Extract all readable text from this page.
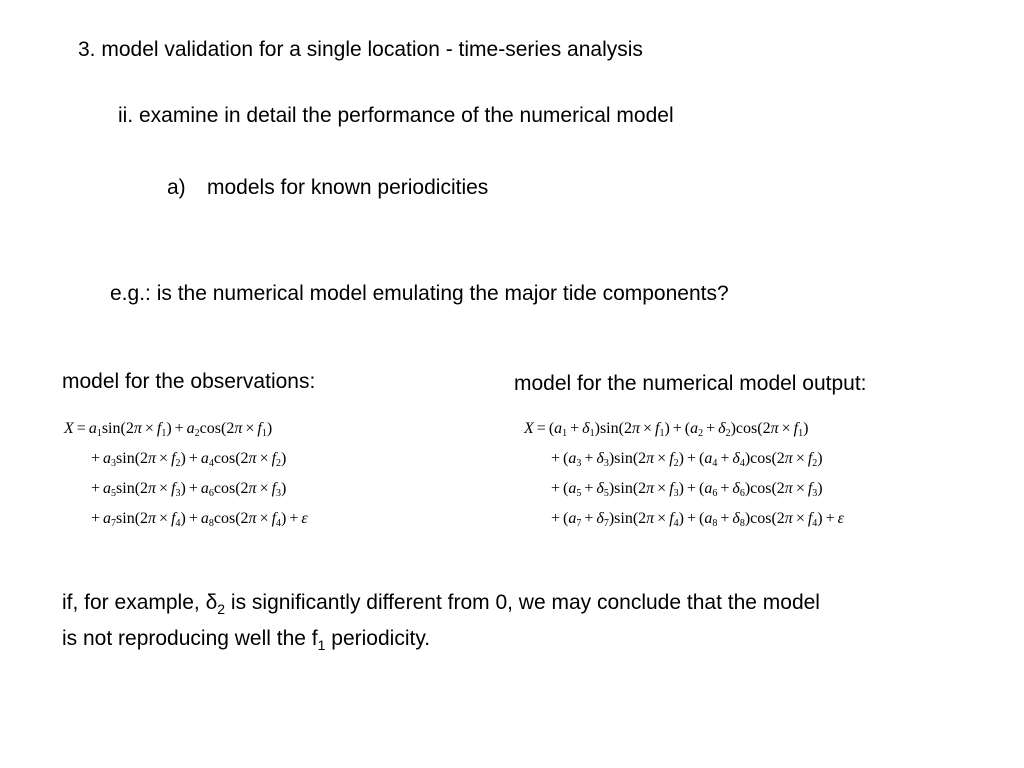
3. model validation for a single location - time-series analysis
ii. examine in detail the performance of the numerical model
a) models for known periodicities
e.g.: is the numerical model emulating the major tide components?
model for the observations:	model for the numerical model output:
$X = a_1\sin(2\pi \times f_1) + a_2\cos(2\pi \times f_1)$
+ $a_3\sin(2\pi \times f_2) + a_4\cos(2\pi \times f_2)$
+ $a_5\sin(2\pi \times f_3) + a_6\cos(2\pi \times f_3)$
+ $a_7\sin(2\pi \times f_4) + a_8\cos(2\pi \times f_4) + \varepsilon$
$X = (a_1 + \delta_1)\sin(2\pi \times f_1) + (a_2 + \delta_2)\cos(2\pi \times f_1)$
+ $(a_3 + \delta_3)\sin(2\pi \times f_2) + (a_4 + \delta_4)\cos(2\pi \times f_2)$
+ $(a_5 + \delta_5)\sin(2\pi \times f_3) + (a_6 + \delta_6)\cos(2\pi \times f_3)$
+ $(a_7 + \delta_7)\sin(2\pi \times f_4) + (a_8 + \delta_8)\cos(2\pi \times f_4) + \varepsilon$
if, for example, $\delta_2$ is significantly different from 0, we may conclude that the model
is not reproducing well the $f_1$ periodicity.
